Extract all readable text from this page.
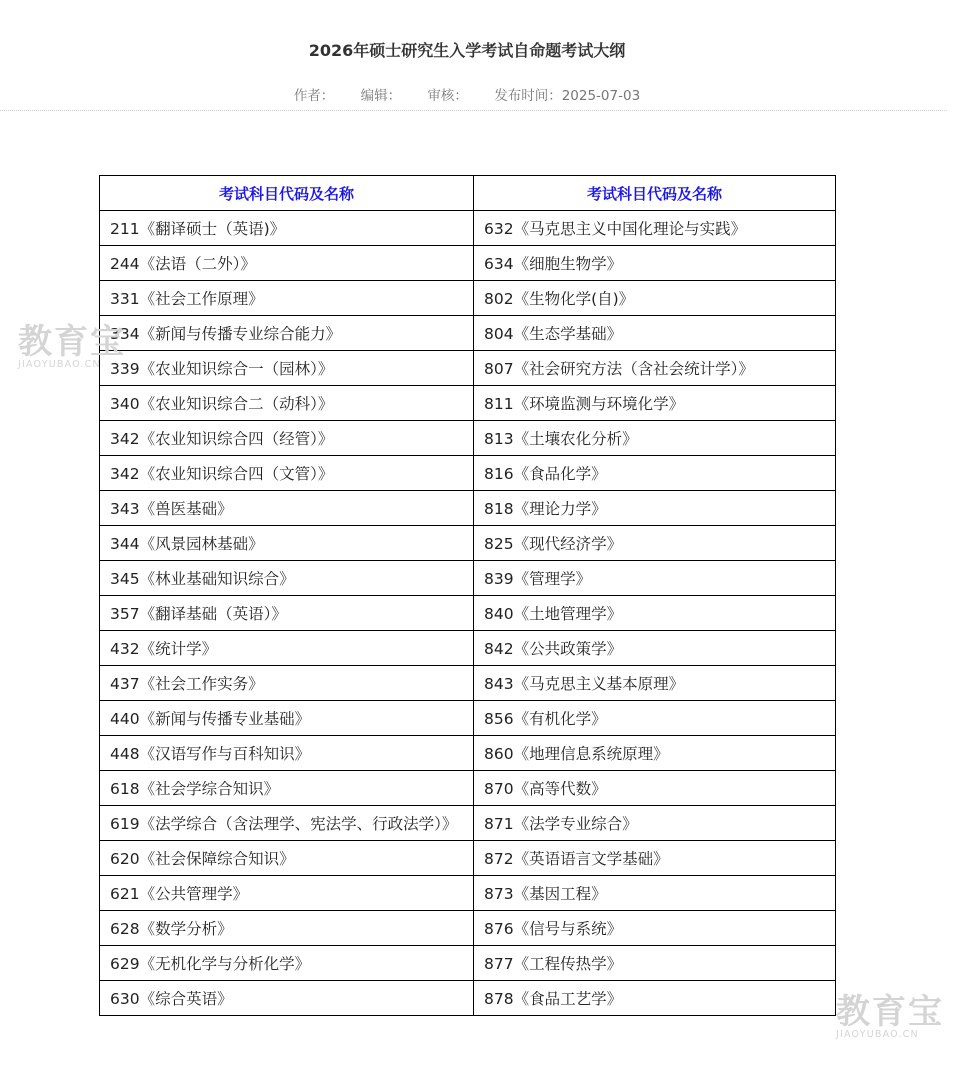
2026年硕士研究生入学考试自命题考试大纲
作者： 编辑： 审核： 发布时间：2025-07-03
考试科目代码及名称	考试科目代码及名称
211《翻译硕士（英语)》	632《马克思主义中国化理论与实践》
244《法语（二外）》	634《细胞生物学》
331《社会工作原理》	802《生物化学(自)》
334《新闻与传播专业综合能力》	804《生态学基础》
339《农业知识综合一（园林）》	807《社会研究方法（含社会统计学）》
340《农业知识综合二（动科）》	811《环境监测与环境化学》
342《农业知识综合四（经管）》	813《土壤农化分析》
342《农业知识综合四（文管）》	816《食品化学》
343《兽医基础》	818《理论力学》
344《风景园林基础》	825《现代经济学》
345《林业基础知识综合》	839《管理学》
357《翻译基础（英语）》	840《土地管理学》
432《统计学》	842《公共政策学》
437《社会工作实务》	843《马克思主义基本原理》
440《新闻与传播专业基础》	856《有机化学》
448《汉语写作与百科知识》	860《地理信息系统原理》
618《社会学综合知识》	870《高等代数》
619《法学综合（含法理学、宪法学、行政法学）》	871《法学专业综合》
620《社会保障综合知识》	872《英语语言文学基础》
621《公共管理学》	873《基因工程》
628《数学分析》	876《信号与系统》
629《无机化学与分析化学》	877《工程传热学》
630《综合英语》	878《食品工艺学》
教育宝
JIAOYUBAO.CN
教育宝
JIAOYUBAO.CN
